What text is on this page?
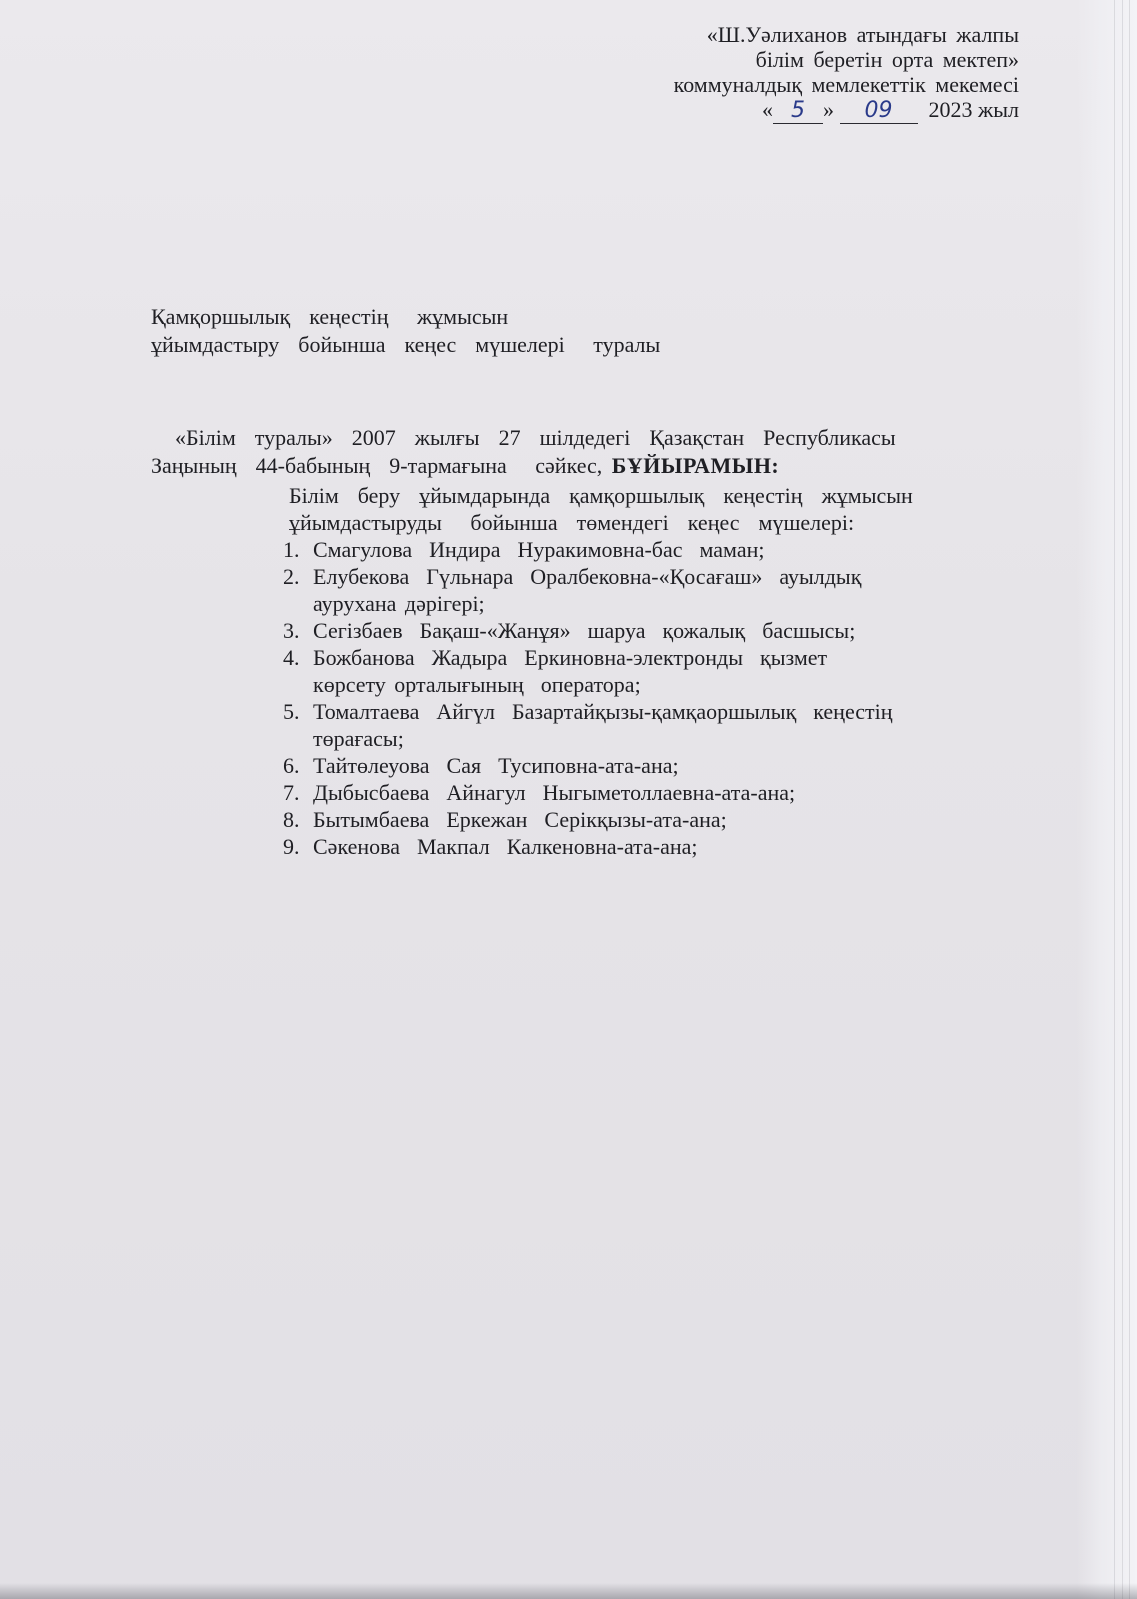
«Ш.Уәлиханов атындағы жалпы
білім беретін орта мектеп»
коммуналдық мемлекеттік мекемесі
« 5 » 09 2023 жыл
Қамқоршылық  кеңестің   жұмысын
ұйымдастыру  бойынша  кеңес  мүшелері   туралы
«Білім  туралы»  2007  жылғы  27  шілдедегі  Қазақстан  Республикасы
Заңының  44-бабының  9-тармағына   сәйкес, БҰЙЫРАМЫН:
Білім  беру  ұйымдарында  қамқоршылық  кеңестің  жұмысын
ұйымдастыруды   бойынша  төмендегі  кеңес  мүшелері:
1. Смагулова  Индира  Нуракимовна-бас  маман;
2. Елубекова  Гүльнара  Оралбековна-«Қосағаш»  ауылдық
аурухана дәрігері;
3. Сегізбаев  Бақаш-«Жанұя»  шаруа  қожалық  басшысы;
4. Божбанова  Жадыра  Еркиновна-электронды  қызмет
көрсету орталығының  оператора;
5. Томалтаева  Айгүл  Базартайқызы-қамқаоршылық  кеңестің
төрағасы;
6. Тайтөлеуова  Сая  Тусиповна-ата-ана;
7. Дыбысбаева  Айнагул  Ныгыметоллаевна-ата-ана;
8. Бытымбаева  Еркежан  Серікқызы-ата-ана;
9. Сәкенова  Макпал  Калкеновна-ата-ана;
